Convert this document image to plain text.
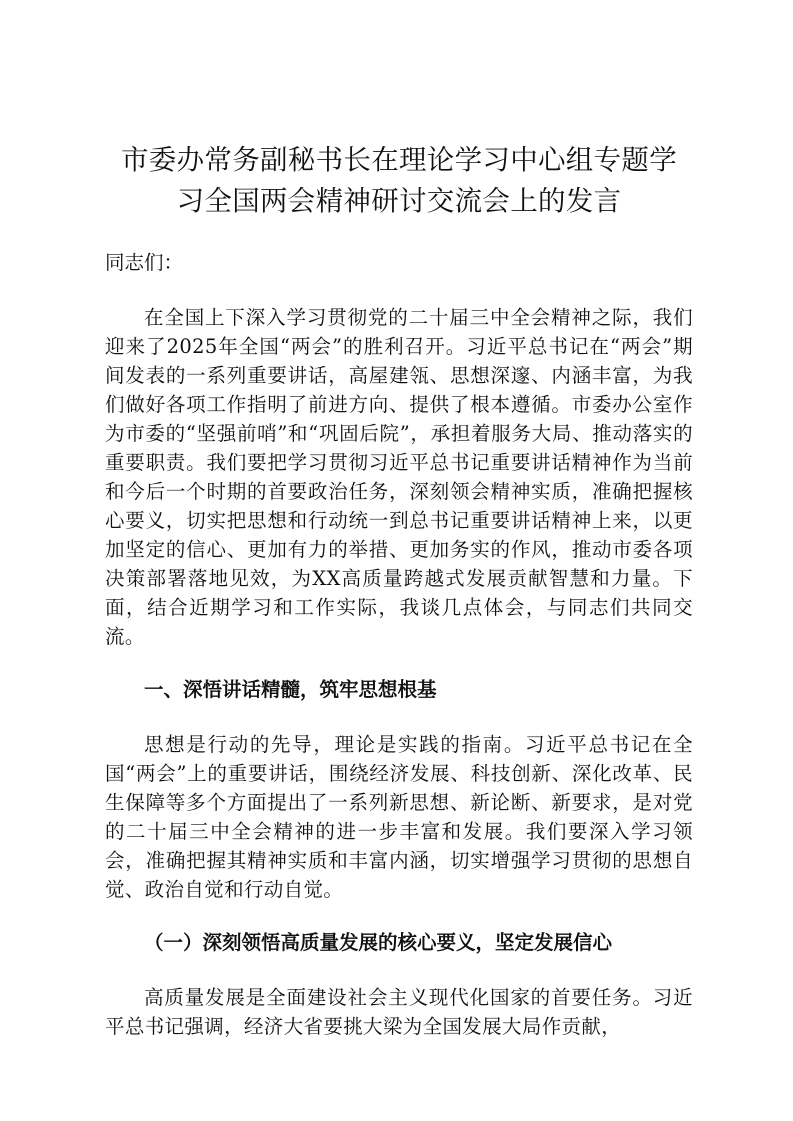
市委办常务副秘书长在理论学习中心组专题学
习全国两会精神研讨交流会上的发言

同志们：

在全国上下深入学习贯彻党的二十届三中全会精神之际，我们迎来了2025年全国“两会”的胜利召开。习近平总书记在“两会”期间发表的一系列重要讲话，高屋建瓴、思想深邃、内涵丰富，为我们做好各项工作指明了前进方向、提供了根本遵循。市委办公室作为市委的“坚强前哨”和“巩固后院”，承担着服务大局、推动落实的重要职责。我们要把学习贯彻习近平总书记重要讲话精神作为当前和今后一个时期的首要政治任务，深刻领会精神实质，准确把握核心要义，切实把思想和行动统一到总书记重要讲话精神上来，以更加坚定的信心、更加有力的举措、更加务实的作风，推动市委各项决策部署落地见效，为XX高质量跨越式发展贡献智慧和力量。下面，结合近期学习和工作实际，我谈几点体会，与同志们共同交流。

一、深悟讲话精髓，筑牢思想根基

思想是行动的先导，理论是实践的指南。习近平总书记在全国“两会”上的重要讲话，围绕经济发展、科技创新、深化改革、民生保障等多个方面提出了一系列新思想、新论断、新要求，是对党的二十届三中全会精神的进一步丰富和发展。我们要深入学习领会，准确把握其精神实质和丰富内涵，切实增强学习贯彻的思想自觉、政治自觉和行动自觉。

（一）深刻领悟高质量发展的核心要义，坚定发展信心

高质量发展是全面建设社会主义现代化国家的首要任务。习近平总书记强调，经济大省要挑大梁为全国发展大局作贡献，
